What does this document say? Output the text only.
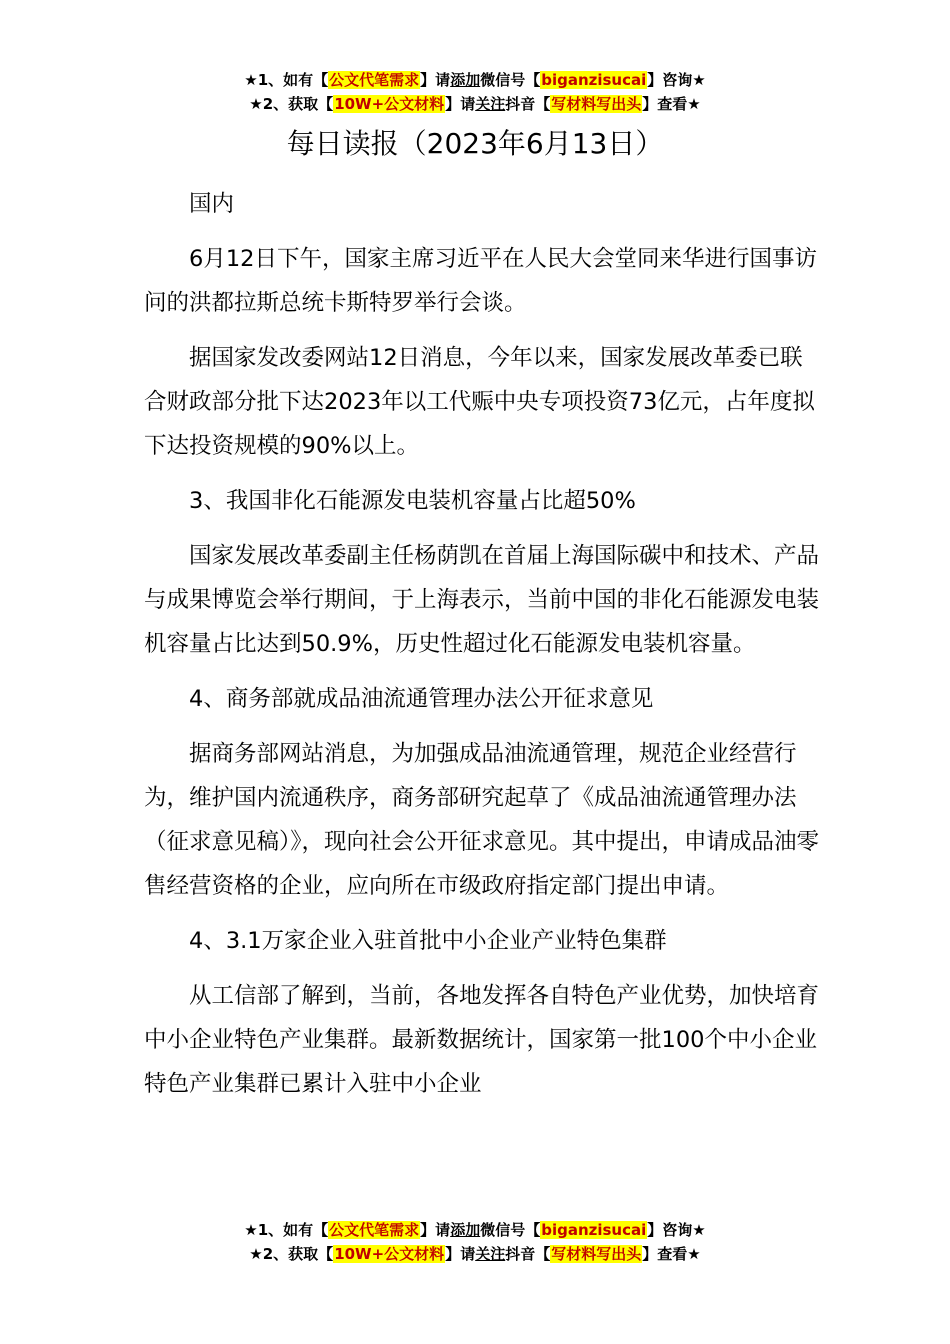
★1、如有【公文代笔需求】请添加微信号【biganzisucai】咨询★
★2、获取【10W+公文材料】请关注抖音【写材料写出头】查看★
每日读报（2023年6月13日）

国内

6月12日下午，国家主席习近平在人民大会堂同来华进行国事访问的洪都拉斯总统卡斯特罗举行会谈。

据国家发改委网站12日消息，今年以来，国家发展改革委已联合财政部分批下达2023年以工代赈中央专项投资73亿元，占年度拟下达投资规模的90%以上。

3、我国非化石能源发电装机容量占比超50%

国家发展改革委副主任杨荫凯在首届上海国际碳中和技术、产品与成果博览会举行期间，于上海表示，当前中国的非化石能源发电装机容量占比达到50.9%，历史性超过化石能源发电装机容量。

4、商务部就成品油流通管理办法公开征求意见

据商务部网站消息，为加强成品油流通管理，规范企业经营行为，维护国内流通秩序，商务部研究起草了《成品油流通管理办法（征求意见稿）》，现向社会公开征求意见。其中提出，申请成品油零售经营资格的企业，应向所在市级政府指定部门提出申请。

4、3.1万家企业入驻首批中小企业产业特色集群

从工信部了解到，当前，各地发挥各自特色产业优势，加快培育中小企业特色产业集群。最新数据统计，国家第一批100个中小企业特色产业集群已累计入驻中小企业

★1、如有【公文代笔需求】请添加微信号【biganzisucai】咨询★
★2、获取【10W+公文材料】请关注抖音【写材料写出头】查看★
